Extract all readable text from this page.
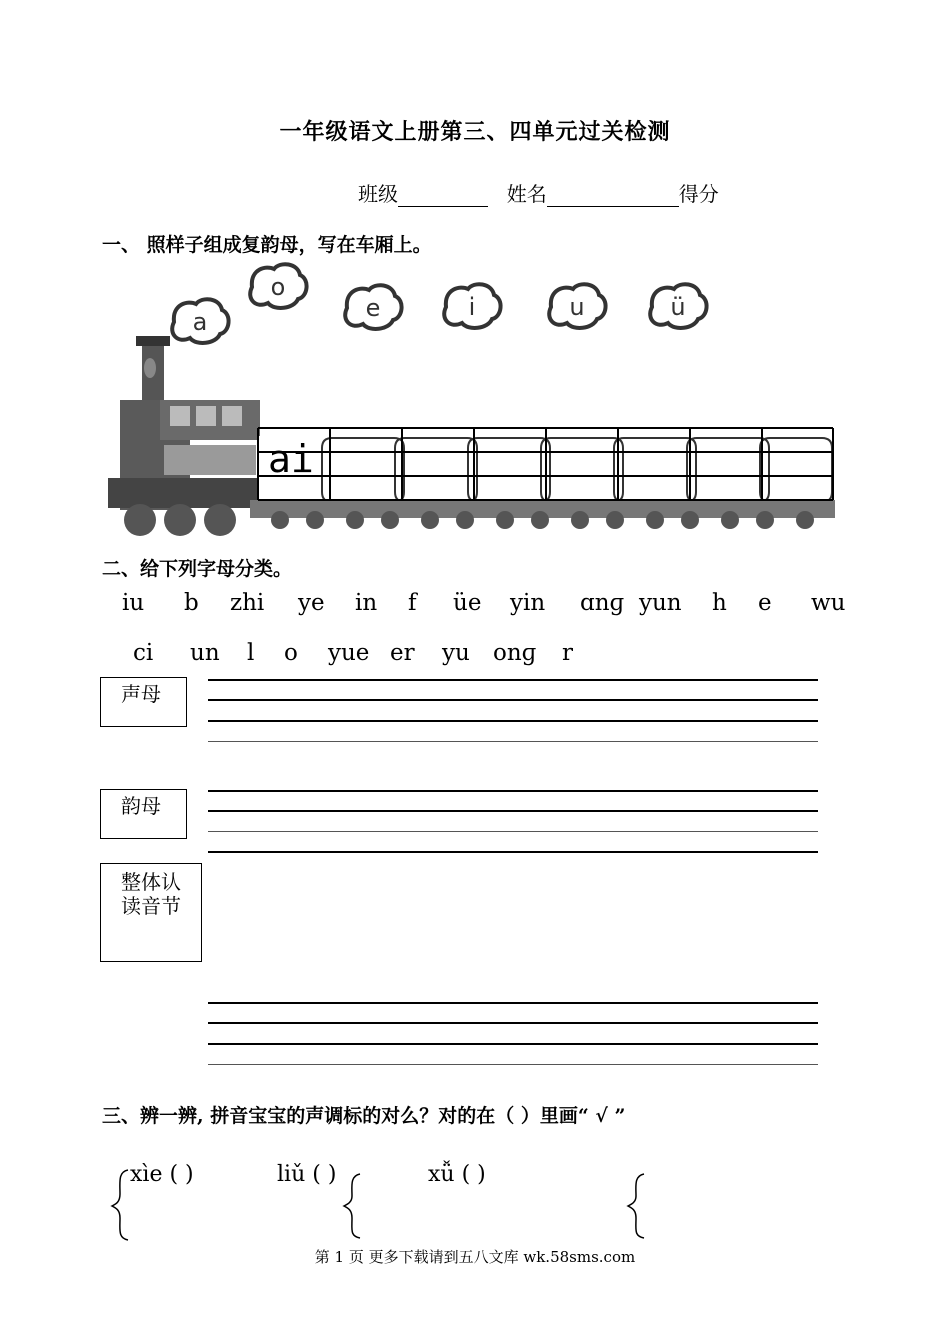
一年级语文上册第三、四单元过关检测
班级	姓名	得分
一、 照样子组成复韵母，写在车厢上。
a
o
e	i	u	ü
ai
二、给下列字母分类。
iu b zhi ye in f üe yin ɑnɡ yun h e wu
ci un l o yue er yu onɡ r
声母
韵母
整体认
读音节
三、辨一辨, 拼音宝宝的声调标的对么？对的在（ ）里画“ √ ”
xìe ( )	liǔ ( )	xǚ ( )
第 1 页 更多下载请到五八文库 wk.58sms.com
